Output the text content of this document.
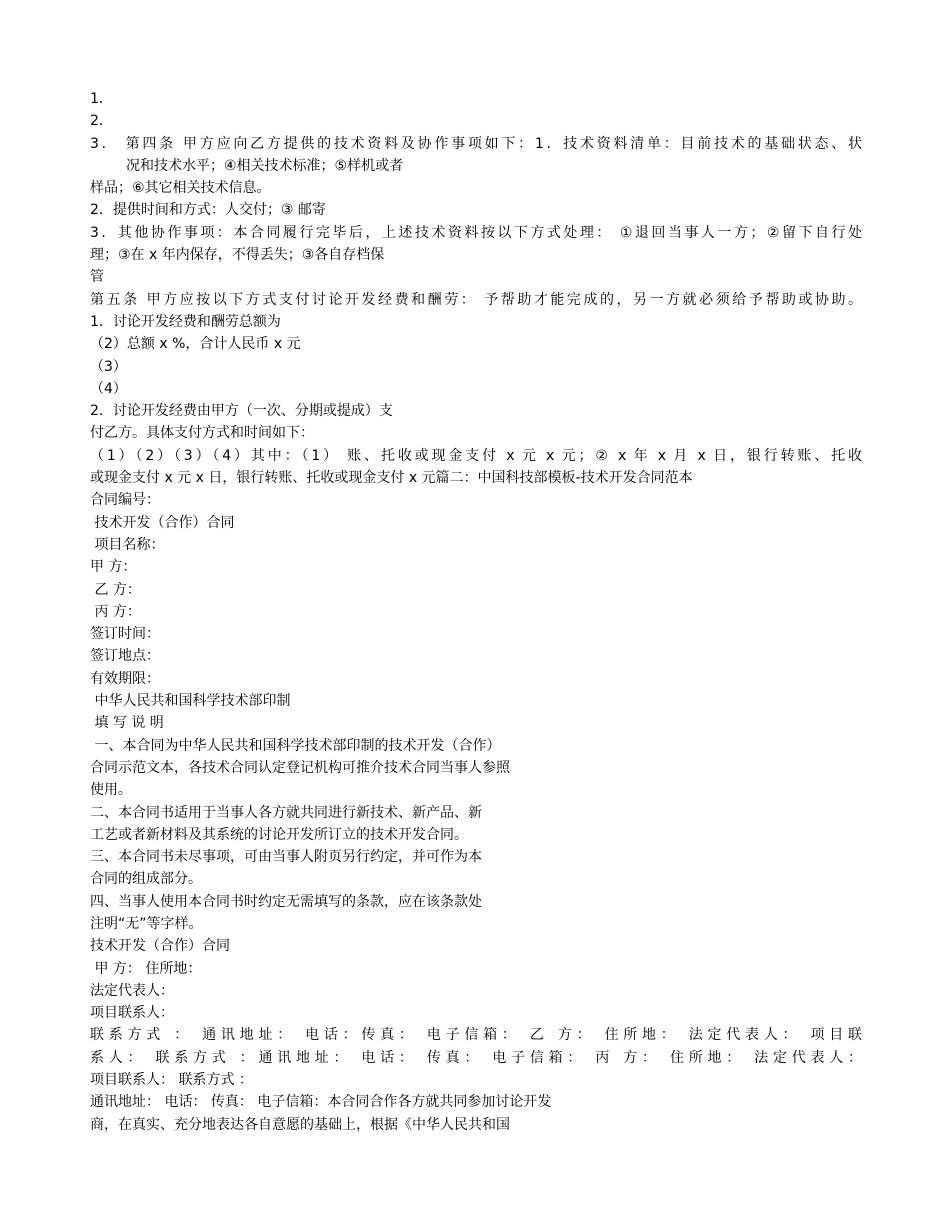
1．
2．
3． 第四条 甲方应向乙方提供的技术资料及协作事项如下：1．技术资料清单：目前技术的基础状态、状
况和技术水平；④相关技术标准；⑤样机或者
样品；⑥其它相关技术信息。
2．提供时间和方式：人交付；③ 邮寄
3．其他协作事项：本合同履行完毕后，上述技术资料按以下方式处理： ①退回当事人一方；②留下自行处
理；③在 x 年内保存，不得丢失；③各自存档保
管
第五条 甲方应按以下方式支付讨论开发经费和酬劳： 予帮助才能完成的，另一方就必须给予帮助或协助。
1．讨论开发经费和酬劳总额为
（2）总额 x %，合计人民币 x 元
（3）
（4）
2．讨论开发经费由甲方（一次、分期或提成）支
付乙方。具体支付方式和时间如下：
（1）（2）（3）（4）其中：（1） 账、托收或现金支付 x 元 x 元；② x 年 x 月 x 日，银行转账、托收
或现金支付 x 元 x 日，银行转账、托收或现金支付 x 元篇二：中国科技部模板-技术开发合同范本
合同编号：
技术开发（合作）合同
项目名称：
甲 方：
乙 方：
丙 方：
签订时间：
签订地点：
有效期限：
中华人民共和国科学技术部印制
填 写 说 明
一、本合同为中华人民共和国科学技术部印制的技术开发（合作）
合同示范文本，各技术合同认定登记机构可推介技术合同当事人参照
使用。
二、本合同书适用于当事人各方就共同进行新技术、新产品、新
工艺或者新材料及其系统的讨论开发所订立的技术开发合同。
三、本合同书未尽事项，可由当事人附页另行约定，并可作为本
合同的组成部分。
四、当事人使用本合同书时约定无需填写的条款，应在该条款处
注明“无”等字样。
技术开发（合作）合同
甲 方： 住所地：
法定代表人：
项目联系人：
联系方式 ： 通讯地址： 电话：传真： 电子信箱： 乙 方： 住所地： 法定代表人： 项目联
系人： 联系方式 ：通讯地址： 电话： 传真： 电子信箱： 丙 方： 住所地： 法定代表人：
项目联系人： 联系方式 ：
通讯地址： 电话： 传真： 电子信箱：本合同合作各方就共同参加讨论开发
商，在真实、充分地表达各自意愿的基础上，根据《中华人民共和国
